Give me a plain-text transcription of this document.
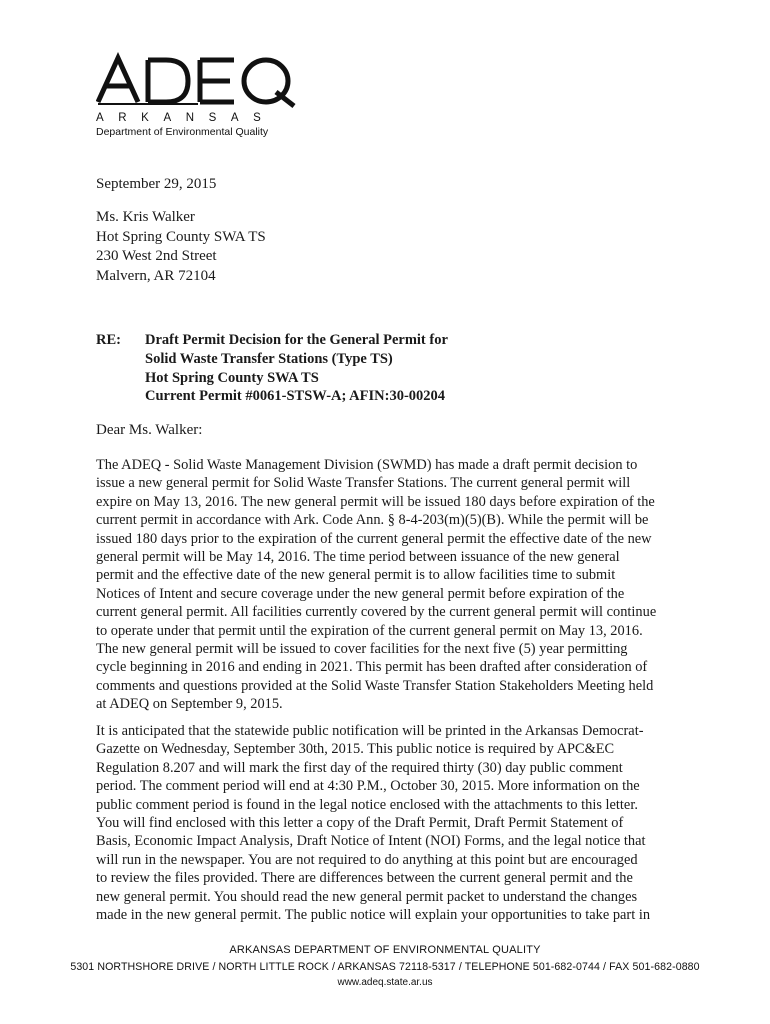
ARKANSAS
Department of Environmental Quality
September 29, 2015
Ms. Kris Walker
Hot Spring County SWA TS
230 West 2nd Street
Malvern, AR 72104
RE: Draft Permit Decision for the General Permit for
Solid Waste Transfer Stations (Type TS)
Hot Spring County SWA TS
Current Permit #0061-STSW-A; AFIN:30-00204
Dear Ms. Walker:
The ADEQ - Solid Waste Management Division (SWMD) has made a draft permit decision to
issue a new general permit for Solid Waste Transfer Stations. The current general permit will
expire on May 13, 2016. The new general permit will be issued 180 days before expiration of the
current permit in accordance with Ark. Code Ann. § 8-4-203(m)(5)(B). While the permit will be
issued 180 days prior to the expiration of the current general permit the effective date of the new
general permit will be May 14, 2016. The time period between issuance of the new general
permit and the effective date of the new general permit is to allow facilities time to submit
Notices of Intent and secure coverage under the new general permit before expiration of the
current general permit. All facilities currently covered by the current general permit will continue
to operate under that permit until the expiration of the current general permit on May 13, 2016.
The new general permit will be issued to cover facilities for the next five (5) year permitting
cycle beginning in 2016 and ending in 2021. This permit has been drafted after consideration of
comments and questions provided at the Solid Waste Transfer Station Stakeholders Meeting held
at ADEQ on September 9, 2015.
It is anticipated that the statewide public notification will be printed in the Arkansas Democrat-
Gazette on Wednesday, September 30th, 2015. This public notice is required by APC&EC
Regulation 8.207 and will mark the first day of the required thirty (30) day public comment
period. The comment period will end at 4:30 P.M., October 30, 2015. More information on the
public comment period is found in the legal notice enclosed with the attachments to this letter.
You will find enclosed with this letter a copy of the Draft Permit, Draft Permit Statement of
Basis, Economic Impact Analysis, Draft Notice of Intent (NOI) Forms, and the legal notice that
will run in the newspaper. You are not required to do anything at this point but are encouraged
to review the files provided. There are differences between the current general permit and the
new general permit. You should read the new general permit packet to understand the changes
made in the new general permit. The public notice will explain your opportunities to take part in
ARKANSAS DEPARTMENT OF ENVIRONMENTAL QUALITY
5301 NORTHSHORE DRIVE / NORTH LITTLE ROCK / ARKANSAS 72118-5317 / TELEPHONE 501-682-0744 / FAX 501-682-0880
www.adeq.state.ar.us
